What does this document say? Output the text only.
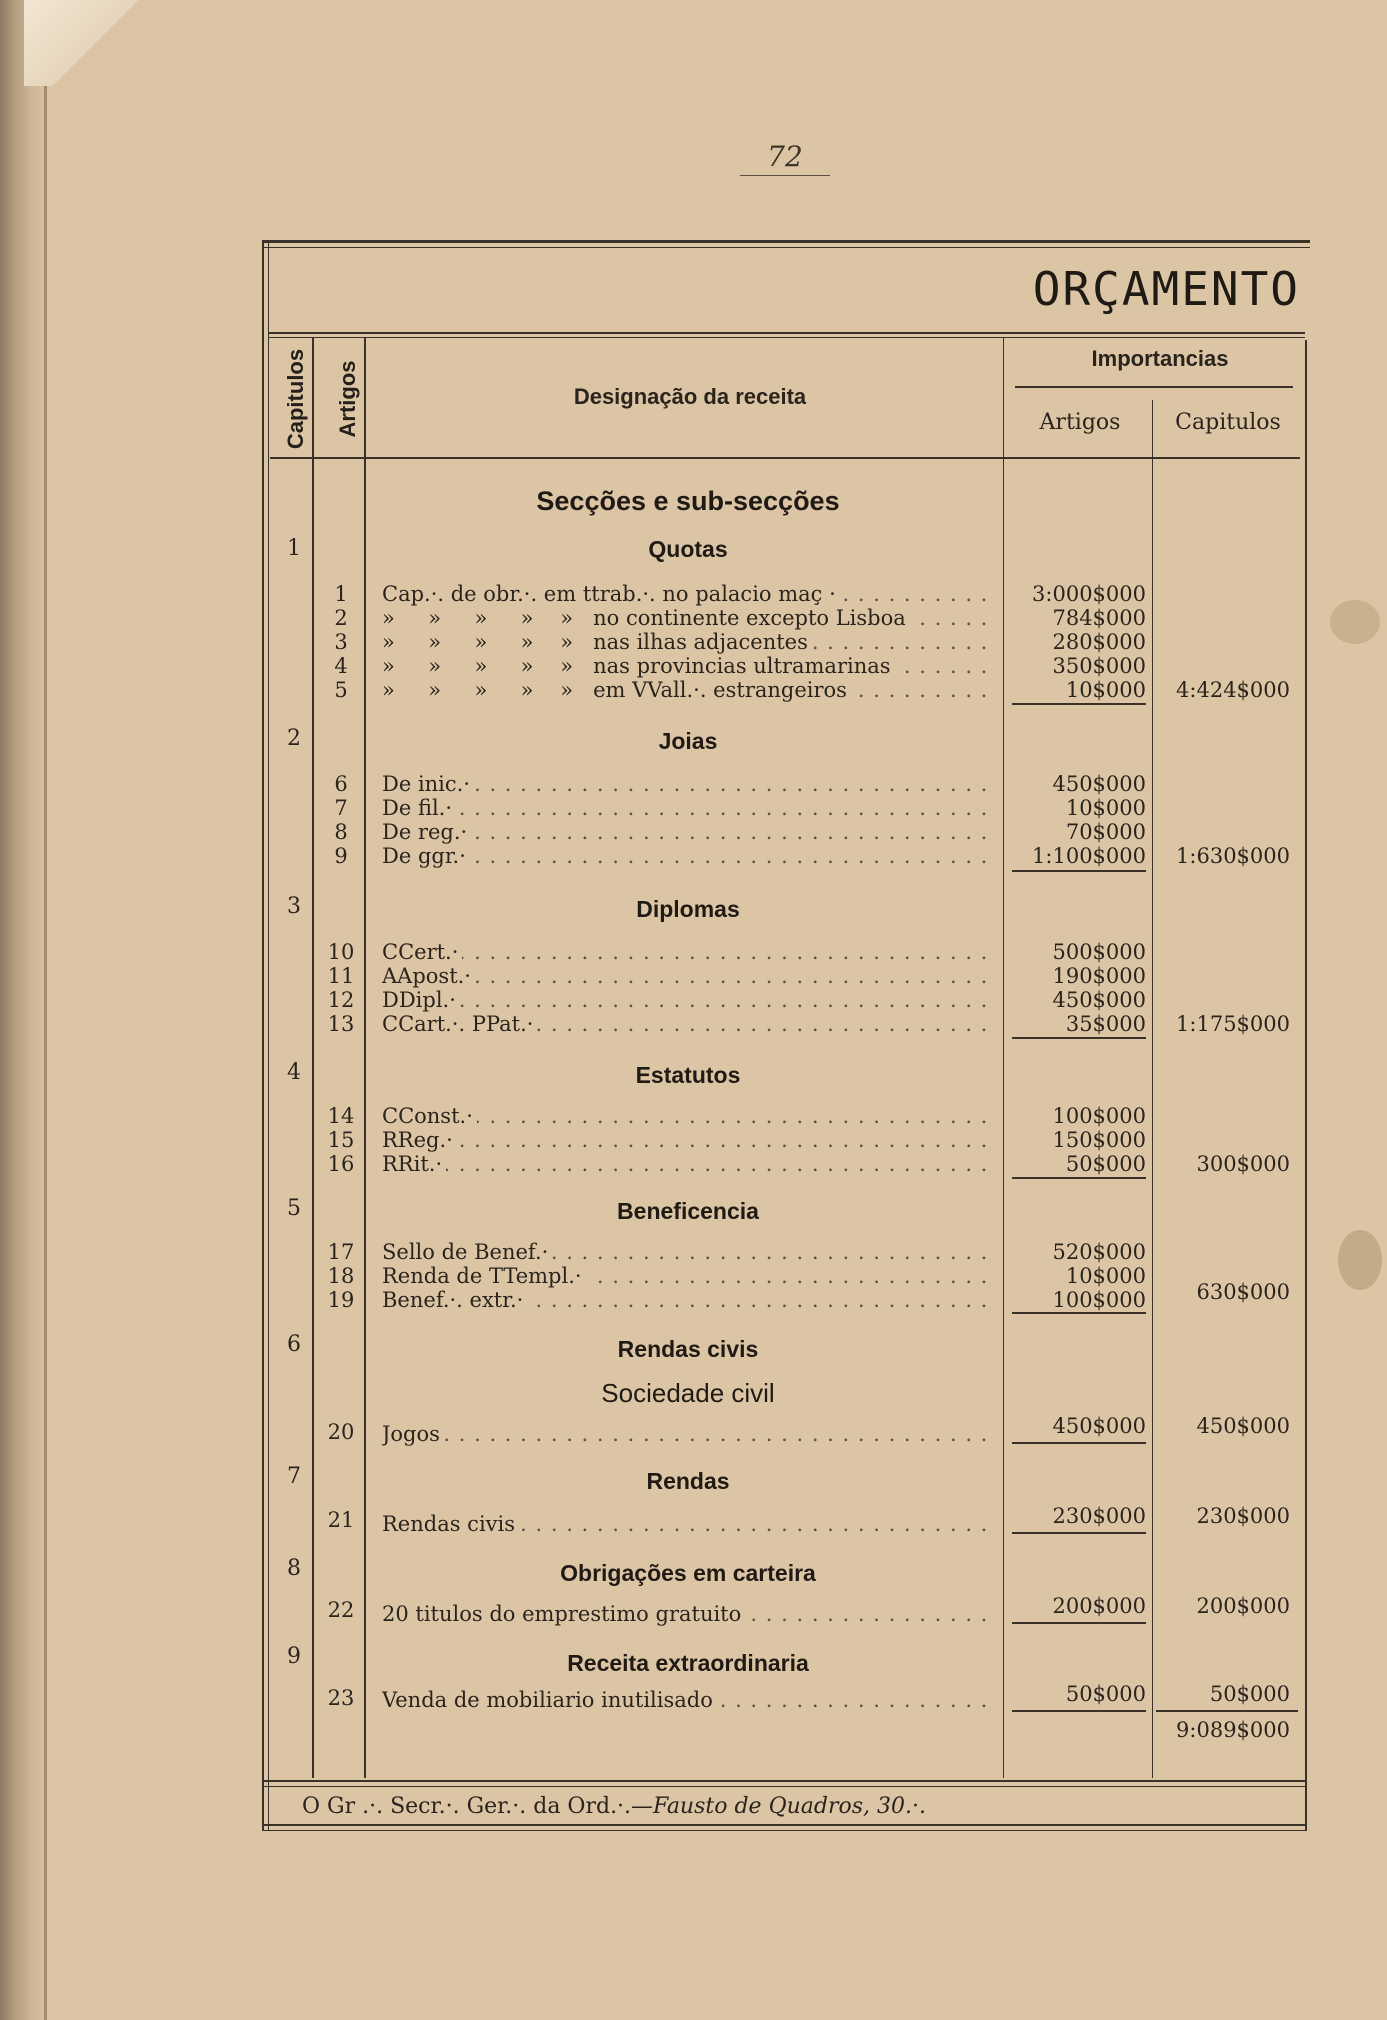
72
ORÇAMENTO
Capitulos Artigos	Designação da receita
Importancias
Artigos	Capitulos
Secções e sub-secções
1	Quotas
1	Cap.·. de obr.·. em ttrab.·. no palacio maç · . . .	3:000$000
2	»     »     »     »    »   no continente excepto Lisboa . . .	784$000
3	»     »     »     »    »   nas ilhas adjacentes . . .	280$000
4	»     »     »     »    »   nas provincias ultramarinas . . .	350$000
5	»     »     »     »    »   em VVall.·. estrangeiros . . .	10$000	4:424$000
2	Joias
6	De inic.· . . .	450$000
7	De fil.· . . .	10$000
8	De reg.· . . .	70$000
9	De ggr.· . . .	1:100$000	1:630$000
3	Diplomas
10 CCert.· . . .	500$000
11 AApost.· . . .	190$000
12 DDipl.· . . .	450$000
13 CCart.·. PPat.· . . .	35$000	1:175$000
4	Estatutos
14 CConst.· . . .	100$000
15 RReg.· . . .	150$000
16 RRit.· . . .	50$000	300$000
5	Beneficencia
17 Sello de Benef.· . . .	520$000
18 Renda de TTempl.· . . .	10$000
19 Benef.·. extr.· . . .	100$000	630$000
6	Rendas civis
Sociedade civil
20 Jogos . . .	450$000	450$000
7	Rendas
21 Rendas civis . . .	230$000	230$000
8	Obrigações em carteira
22 20 titulos do emprestimo gratuito . . .	200$000	200$000
9	Receita extraordinaria
23 Venda de mobiliario inutilisado . . .	50$000	50$000
9:089$000
O Gr .·. Secr.·. Ger.·. da Ord.·.—Fausto de Quadros, 30.·.
